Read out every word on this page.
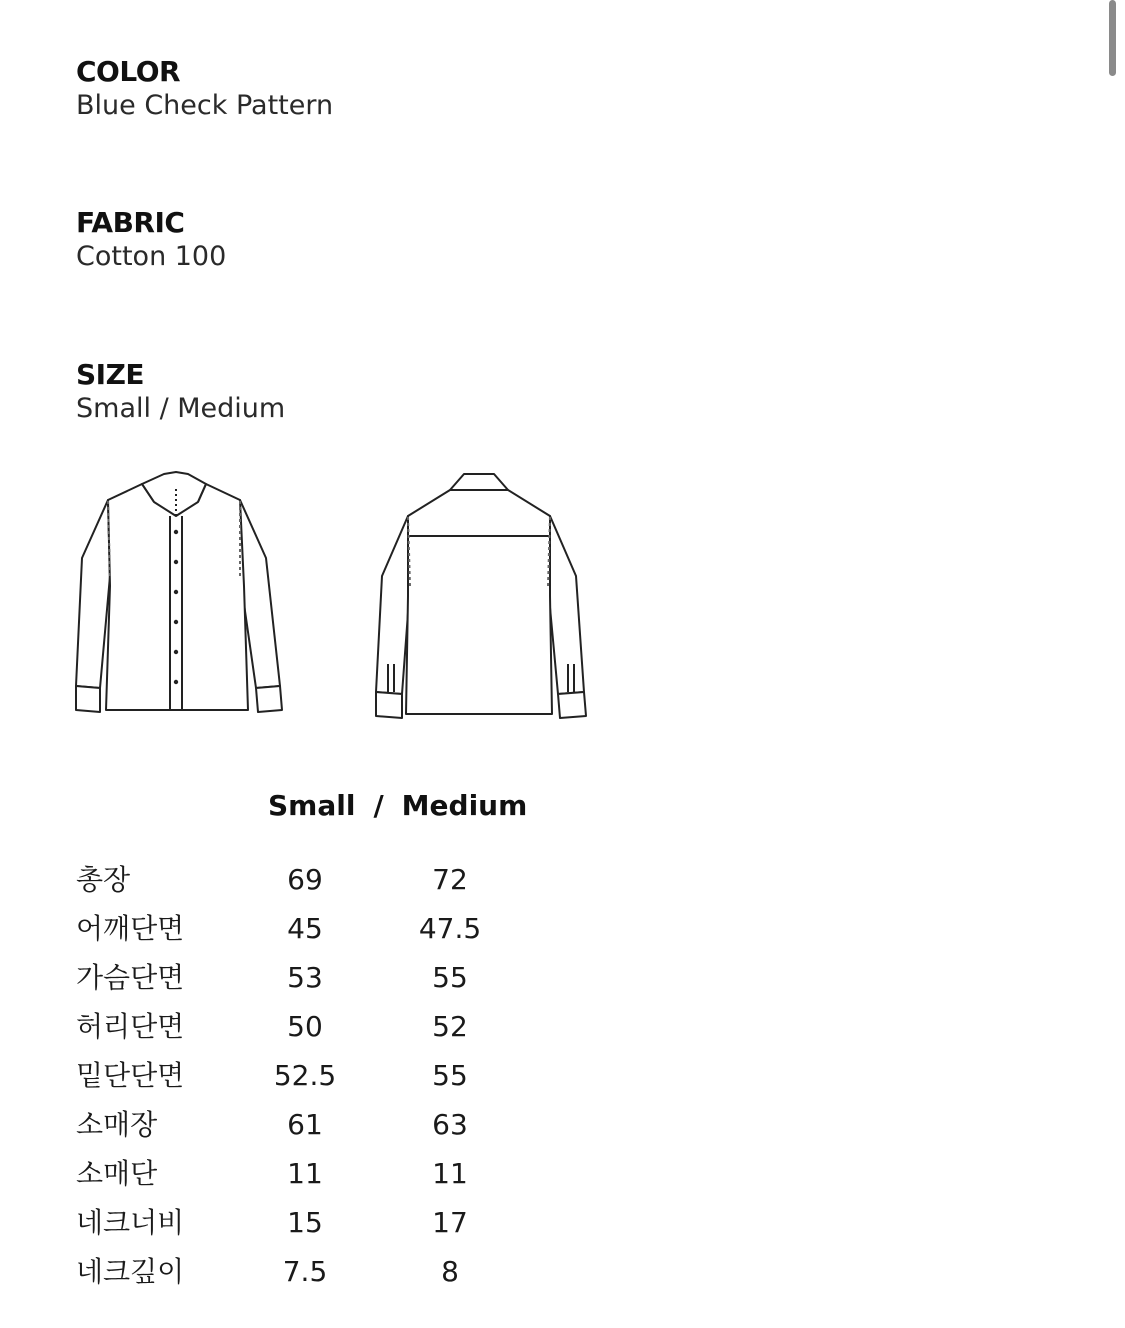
COLOR
Blue Check Pattern
FABRIC
Cotton 100
SIZE
Small / Medium
Small / Medium
총장	69	72
어깨단면	45	47.5
가슴단면	53	55
허리단면	50	52
밑단단면	52.5	55
소매장	61	63
소매단	11	11
네크너비	15	17
네크깊이	7.5	8
